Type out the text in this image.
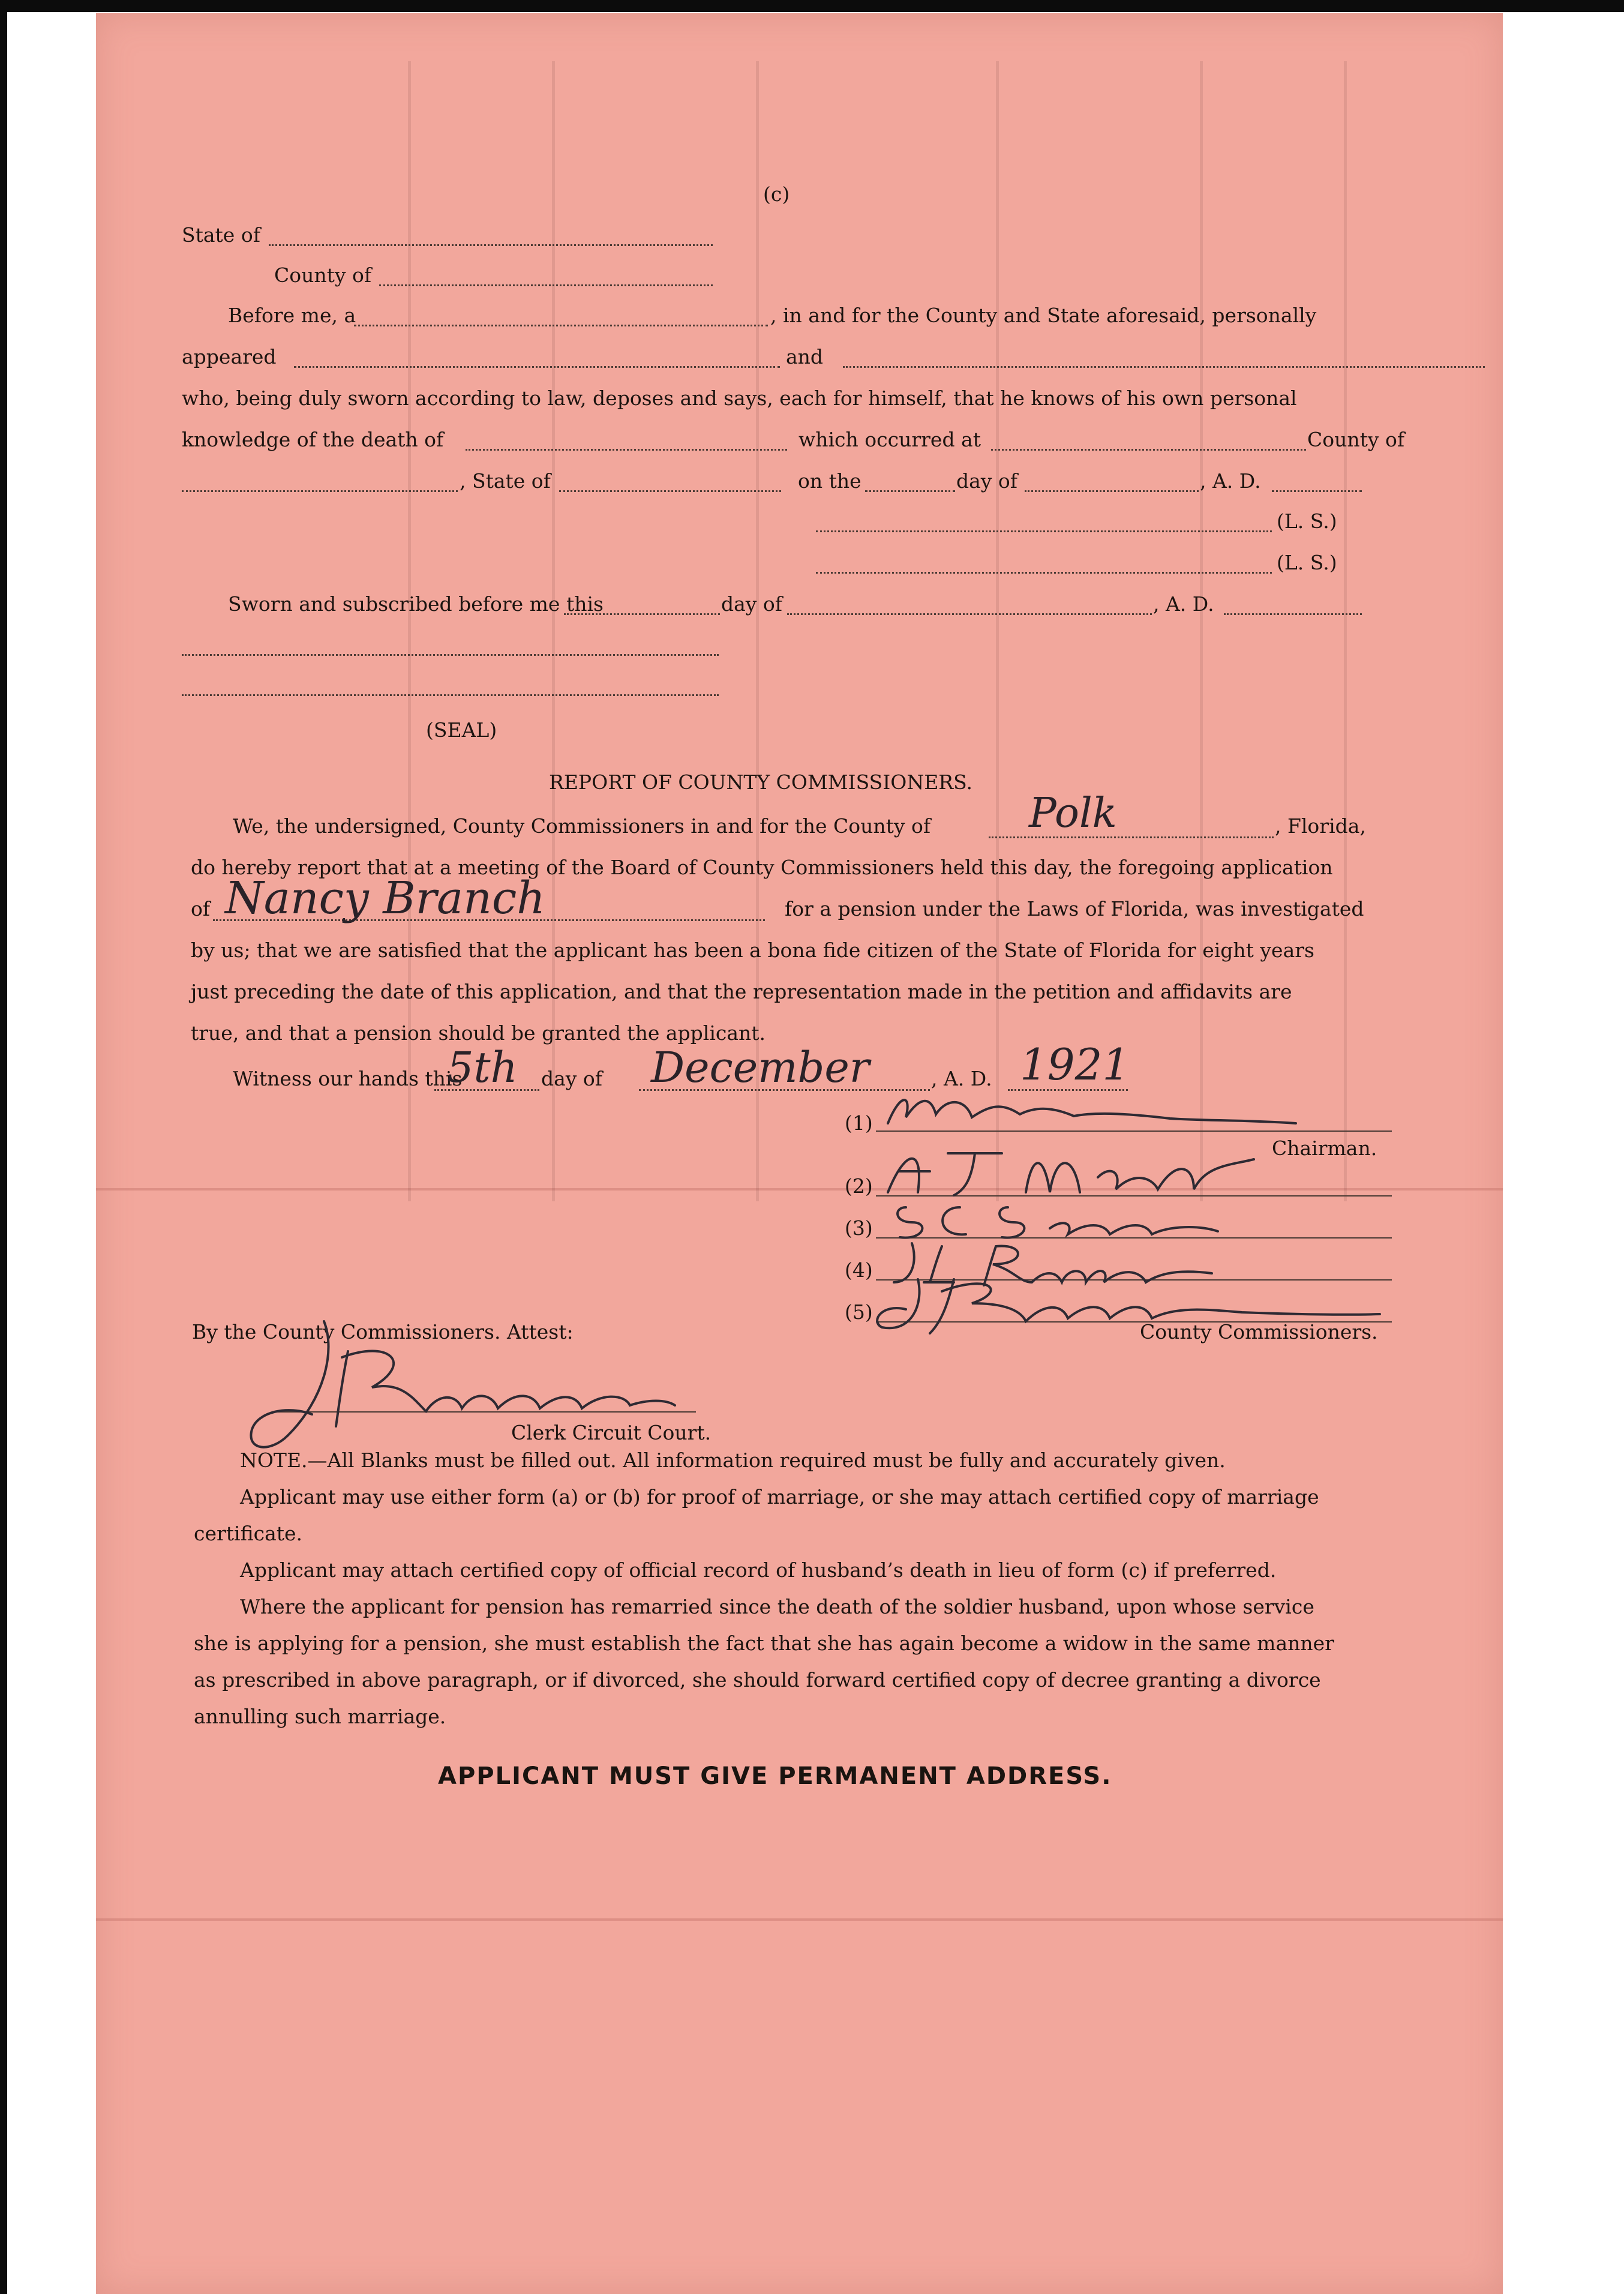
(c)

State of

County of

Before me, a	, in and for the County and State aforesaid, personally

appeared	and

who, being duly sworn according to law, deposes and says, each for himself, that he knows of his own personal

knowledge of the death of	which occurred at	County of

, State of	on the	day of	, A. D.

(L. S.)

(L. S.)

Sworn and subscribed before me this	day of	, A. D.

(SEAL)

REPORT OF COUNTY COMMISSIONERS.

We, the undersigned, County Commissioners in and for the County of Polk	, Florida,

do hereby report that at a meeting of the Board of County Commissioners held this day, the foregoing application

of Nancy Branch	for a pension under the Laws of Florida, was investigated

by us; that we are satisfied that the applicant has been a bona fide citizen of the State of Florida for eight years

just preceding the date of this application, and that the representation made in the petition and affidavits are

true, and that a pension should be granted the applicant.

Witness our hands this

5th day of December	, A. D. 1921

(1)

Chairman.

(2)

(3)

(4)

(5)

County Commissioners.

By the County Commissioners. Attest:

Clerk Circuit Court.

NOTE.—All Blanks must be filled out. All information required must be fully and accurately given.

Applicant may use either form (a) or (b) for proof of marriage, or she may attach certified copy of marriage

certificate.

Applicant may attach certified copy of official record of husband’s death in lieu of form (c) if preferred.

Where the applicant for pension has remarried since the death of the soldier husband, upon whose service

she is applying for a pension, she must establish the fact that she has again become a widow in the same manner

as prescribed in above paragraph, or if divorced, she should forward certified copy of decree granting a divorce

annulling such marriage.

APPLICANT MUST GIVE PERMANENT ADDRESS.
